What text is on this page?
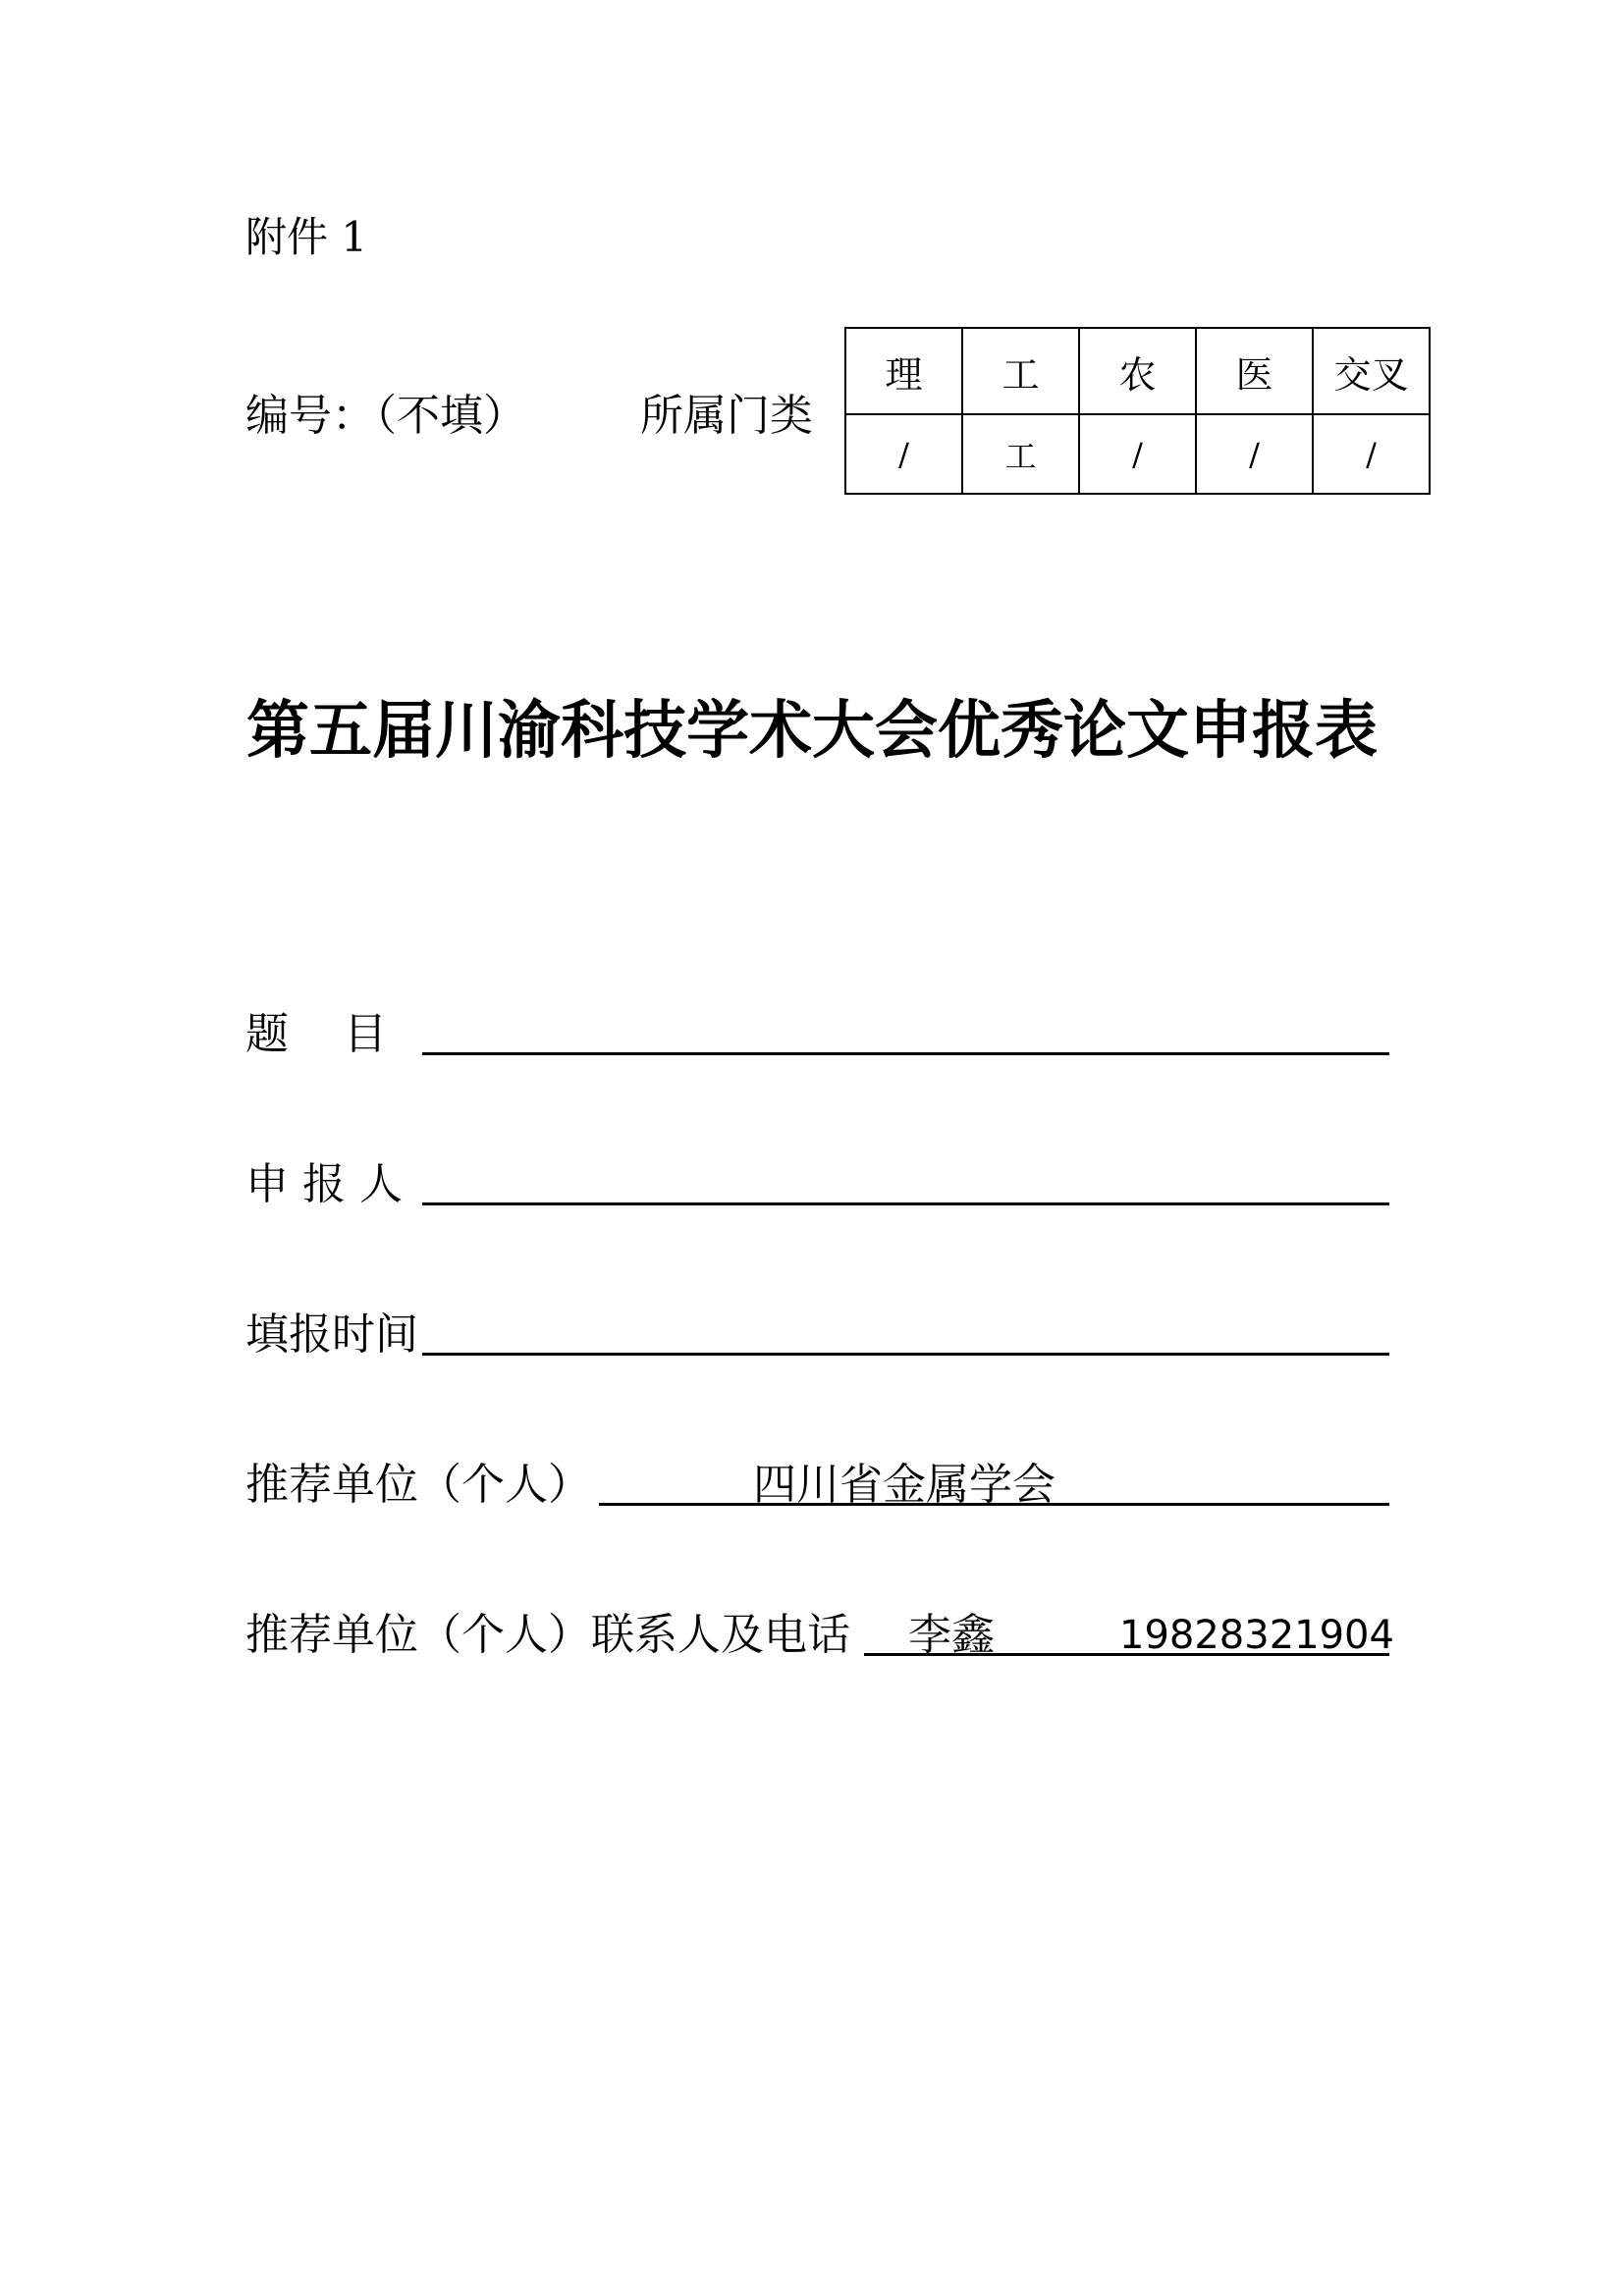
附件 1
编号：（不填）	所属门类
理	工	农	医	交叉
/	工	/	/	/
第五届川渝科技学术大会优秀论文申报表
题    目
申 报 人
填报时间
推荐单位（个人）	四川省金属学会
推荐单位（个人）联系人及电话 李鑫	19828321904
